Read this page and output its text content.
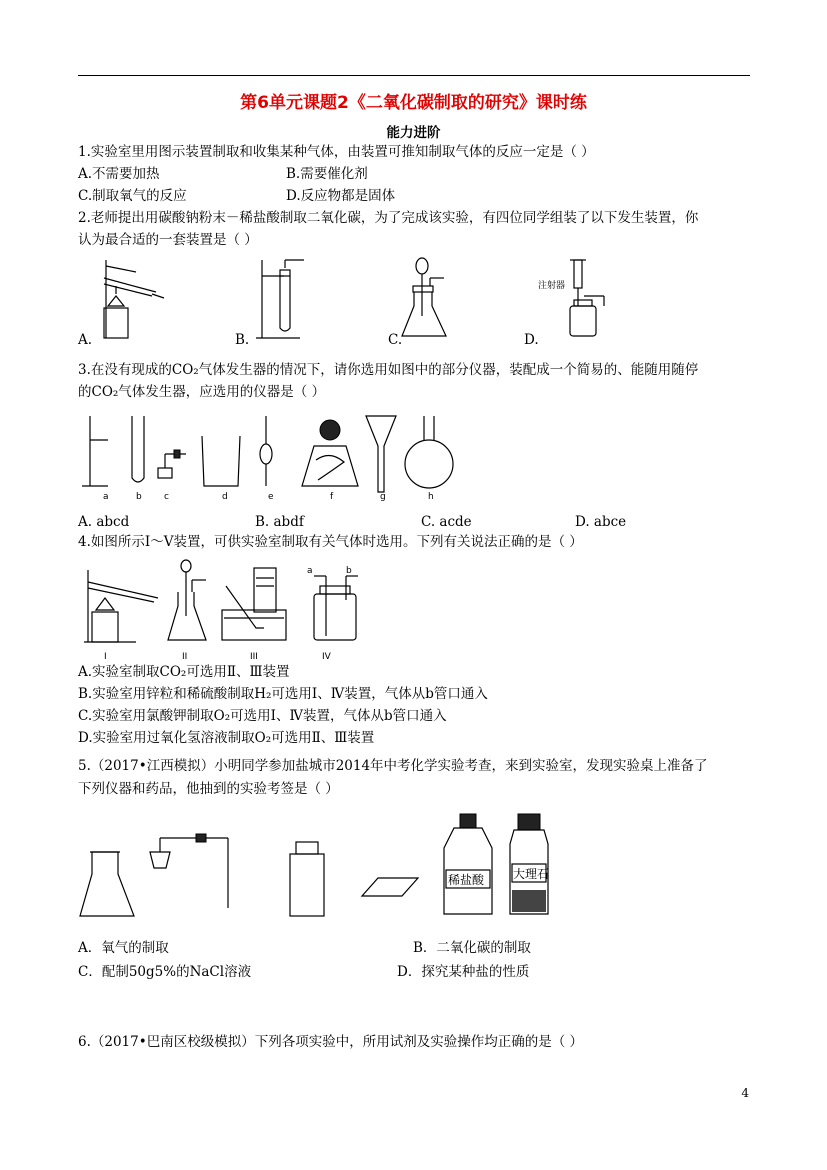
第6单元课题2《二氧化碳制取的研究》课时练
能力进阶
1.实验室里用图示装置制取和收集某种气体，由装置可推知制取气体的反应一定是（ ）
A.不需要加热	B.需要催化剂
C.制取氧气的反应	D.反应物都是固体
2.老师提出用碳酸钠粉末－稀盐酸制取二氧化碳，为了完成该实验，有四位同学组装了以下发生装置，你
认为最合适的一套装置是（ ）
A.	B.	C.
注射器
D.
3.在没有现成的CO₂气体发生器的情况下，请你选用如图中的部分仪器，装配成一个简易的、能随用随停
的CO₂气体发生器，应选用的仪器是（ ）
a	b c	d	e	f	g	h
A. abcd	B. abdf	C. acde	D. abce
4.如图所示Ⅰ～Ⅴ装置，可供实验室制取有关气体时选用。下列有关说法正确的是（ ）
a	b
I	II	III	IV
A.实验室制取CO₂可选用Ⅱ、Ⅲ装置
B.实验室用锌粒和稀硫酸制取H₂可选用Ⅰ、Ⅳ装置，气体从b管口通入
C.实验室用氯酸钾制取O₂可选用Ⅰ、Ⅳ装置，气体从b管口通入
D.实验室用过氧化氢溶液制取O₂可选用Ⅱ、Ⅲ装置
5.（2017•江西模拟）小明同学参加盐城市2014年中考化学实验考查，来到实验室，发现实验桌上准备了
下列仪器和药品，他抽到的实验考签是（ ）
稀盐酸 大理石
A．氧气的制取	B．二氧化碳的制取
C．配制50g5%的NaCl溶液	D．探究某种盐的性质
6.（2017•巴南区校级模拟）下列各项实验中，所用试剂及实验操作均正确的是（ ）
4
